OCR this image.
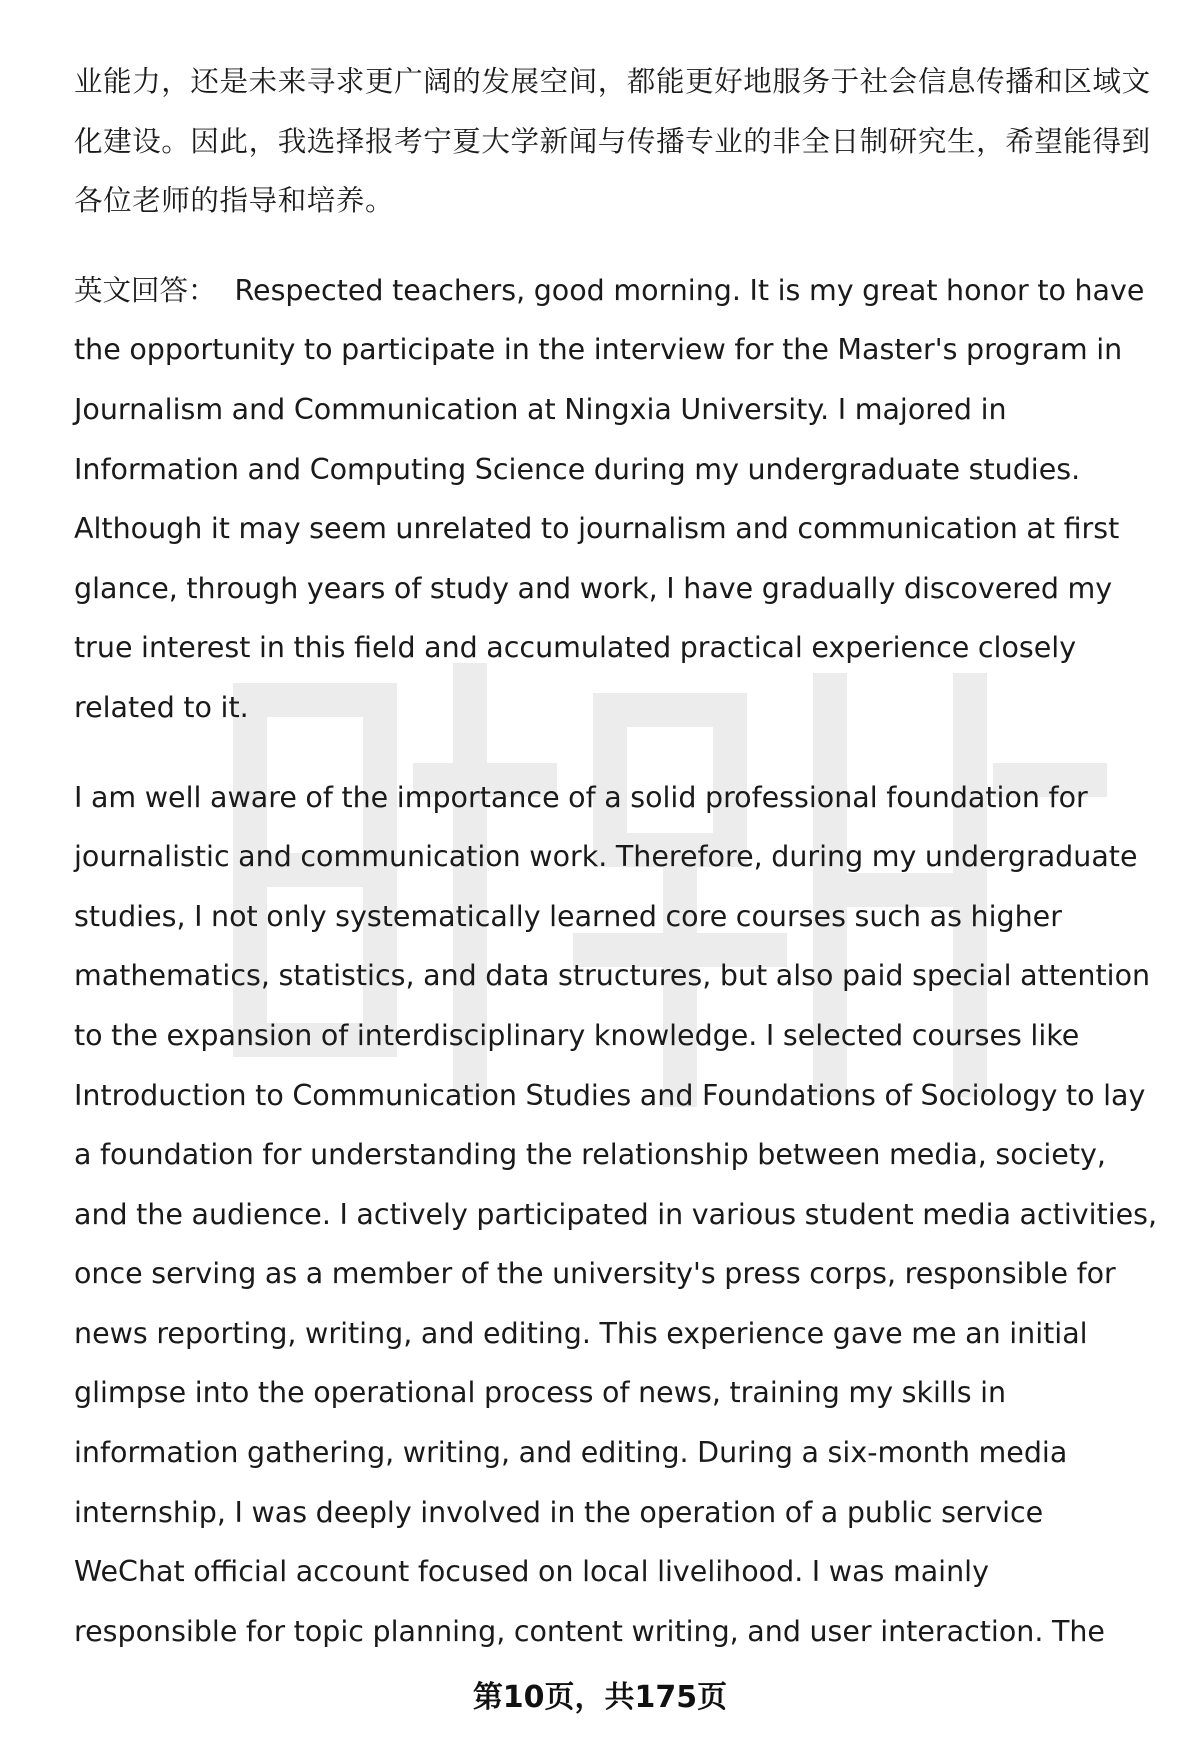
业能力，还是未来寻求更广阔的发展空间，都能更好地服务于社会信息传播和区域文化建设。因此，我选择报考宁夏大学新闻与传播专业的非全日制研究生，希望能得到各位老师的指导和培养。

英文回答： Respected teachers, good morning. It is my great honor to have the opportunity to participate in the interview for the Master's program in Journalism and Communication at Ningxia University. I majored in Information and Computing Science during my undergraduate studies. Although it may seem unrelated to journalism and communication at first glance, through years of study and work, I have gradually discovered my true interest in this field and accumulated practical experience closely related to it.

I am well aware of the importance of a solid professional foundation for journalistic and communication work. Therefore, during my undergraduate studies, I not only systematically learned core courses such as higher mathematics, statistics, and data structures, but also paid special attention to the expansion of interdisciplinary knowledge. I selected courses like Introduction to Communication Studies and Foundations of Sociology to lay a foundation for understanding the relationship between media, society, and the audience. I actively participated in various student media activities, once serving as a member of the university's press corps, responsible for news reporting, writing, and editing. This experience gave me an initial glimpse into the operational process of news, training my skills in information gathering, writing, and editing. During a six-month media internship, I was deeply involved in the operation of a public service WeChat official account focused on local livelihood. I was mainly responsible for topic planning, content writing, and user interaction. The

第10页，共175页
